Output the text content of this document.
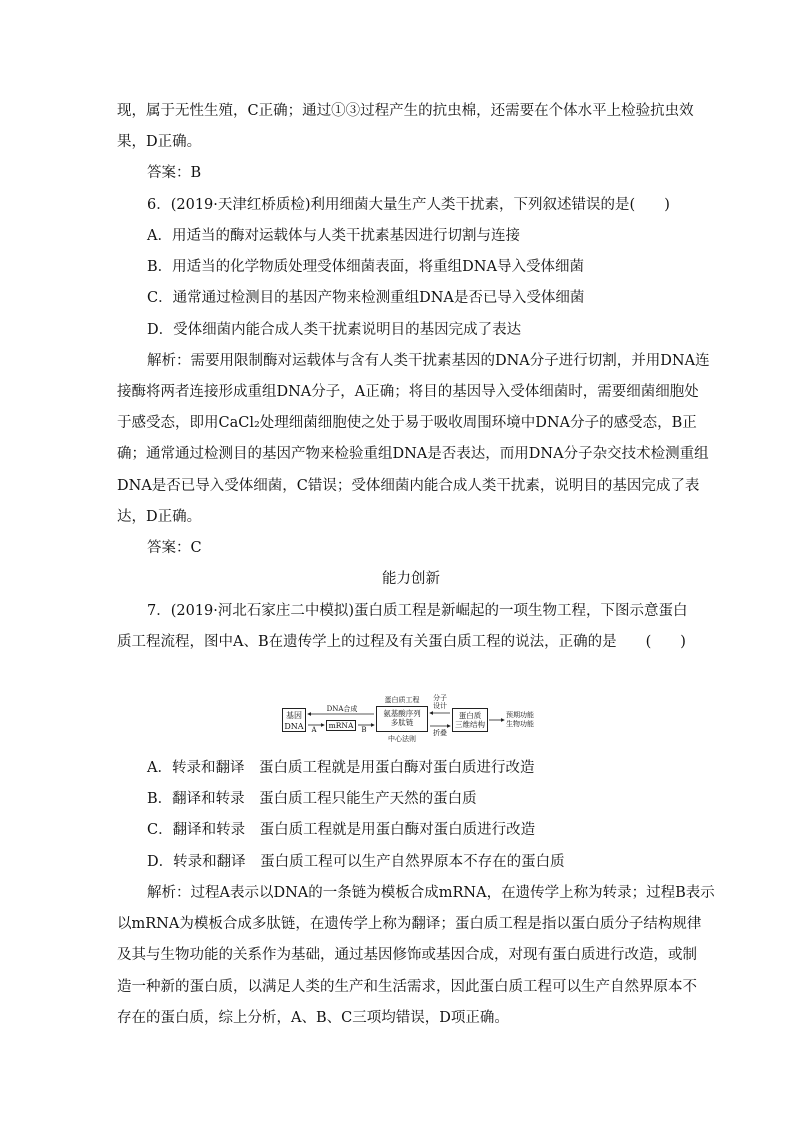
现，属于无性生殖，C正确；通过①③过程产生的抗虫棉，还需要在个体水平上检验抗虫效
果，D正确。
答案：B
6．(2019·天津红桥质检)利用细菌大量生产人类干扰素，下列叙述错误的是(　　)
A．用适当的酶对运载体与人类干扰素基因进行切割与连接
B．用适当的化学物质处理受体细菌表面，将重组DNA导入受体细菌
C．通常通过检测目的基因产物来检测重组DNA是否已导入受体细菌
D．受体细菌内能合成人类干扰素说明目的基因完成了表达
解析：需要用限制酶对运载体与含有人类干扰素基因的DNA分子进行切割，并用DNA连
接酶将两者连接形成重组DNA分子，A正确；将目的基因导入受体细菌时，需要细菌细胞处
于感受态，即用CaCl₂处理细菌细胞使之处于易于吸收周围环境中DNA分子的感受态，B正
确；通常通过检测目的基因产物来检验重组DNA是否表达，而用DNA分子杂交技术检测重组
DNA是否已导入受体细菌，C错误；受体细菌内能合成人类干扰素，说明目的基因完成了表
达，D正确。
答案：C
能力创新
7．(2019·河北石家庄二中模拟)蛋白质工程是新崛起的一项生物工程，下图示意蛋白
质工程流程，图中A、B在遗传学上的过程及有关蛋白质工程的说法，正确的是　　(　　)
基因
DNA
DNA合成
A	mRNA	B
蛋白质工程
氨基酸序列
多肽链
中心法则
分子
设计
折叠
蛋白质
三维结构
预期功能
生物功能
A．转录和翻译　蛋白质工程就是用蛋白酶对蛋白质进行改造
B．翻译和转录　蛋白质工程只能生产天然的蛋白质
C．翻译和转录　蛋白质工程就是用蛋白酶对蛋白质进行改造
D．转录和翻译　蛋白质工程可以生产自然界原本不存在的蛋白质
解析：过程A表示以DNA的一条链为模板合成mRNA，在遗传学上称为转录；过程B表示
以mRNA为模板合成多肽链，在遗传学上称为翻译；蛋白质工程是指以蛋白质分子结构规律
及其与生物功能的关系作为基础，通过基因修饰或基因合成，对现有蛋白质进行改造，或制
造一种新的蛋白质，以满足人类的生产和生活需求，因此蛋白质工程可以生产自然界原本不
存在的蛋白质，综上分析，A、B、C三项均错误，D项正确。
